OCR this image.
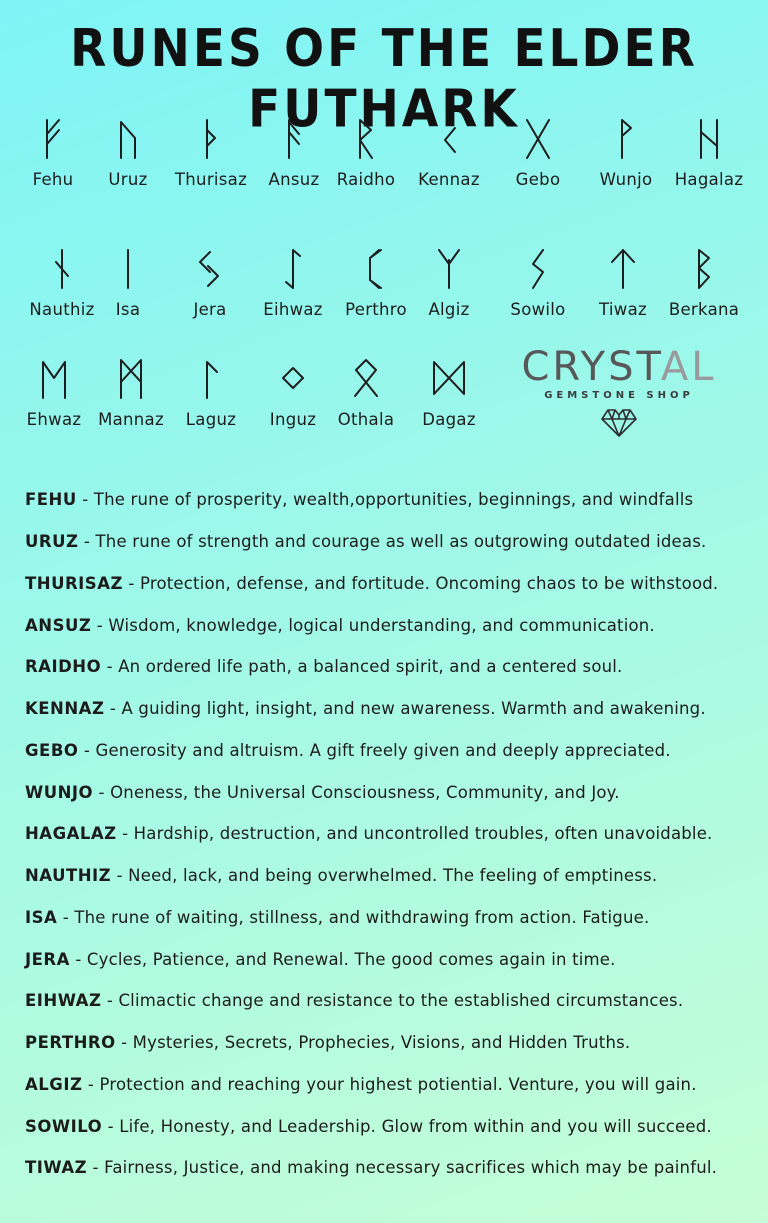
RUNES OF THE ELDER FUTHARK
Fehu	Uruz	Thurisaz	Ansuz	Raidho	Kennaz	Gebo	Wunjo	Hagalaz
Nauthiz	Isa	Jera	Eihwaz	Perthro	Algiz	Sowilo	Tiwaz	Berkana
Ehwaz	Mannaz	Laguz	Inguz	Othala	Dagaz
CRYSTAL
GEMSTONE SHOP
FEHU - The rune of prosperity, wealth,opportunities, beginnings, and windfalls
URUZ - The rune of strength and courage as well as outgrowing outdated ideas.
THURISAZ - Protection, defense, and fortitude. Oncoming chaos to be withstood.
ANSUZ - Wisdom, knowledge, logical understanding, and communication.
RAIDHO - An ordered life path, a balanced spirit, and a centered soul.
KENNAZ - A guiding light, insight, and new awareness. Warmth and awakening.
GEBO - Generosity and altruism. A gift freely given and deeply appreciated.
WUNJO - Oneness, the Universal Consciousness, Community, and Joy.
HAGALAZ - Hardship, destruction, and uncontrolled troubles, often unavoidable.
NAUTHIZ - Need, lack, and being overwhelmed. The feeling of emptiness.
ISA - The rune of waiting, stillness, and withdrawing from action. Fatigue.
JERA - Cycles, Patience, and Renewal. The good comes again in time.
EIHWAZ - Climactic change and resistance to the established circumstances.
PERTHRO - Mysteries, Secrets, Prophecies, Visions, and Hidden Truths.
ALGIZ - Protection and reaching your highest potiential. Venture, you will gain.
SOWILO - Life, Honesty, and Leadership. Glow from within and you will succeed.
TIWAZ - Fairness, Justice, and making necessary sacrifices which may be painful.
